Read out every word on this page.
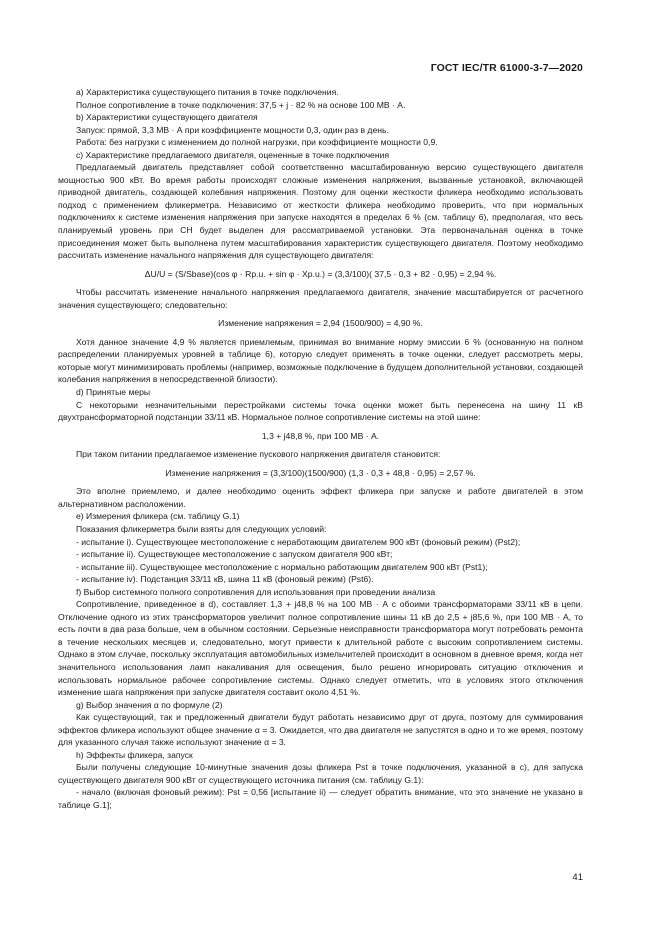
ГОСТ IEC/TR 61000-3-7—2020

а) Характеристика существующего питания в точке подключения.

Полное сопротивление в точке подключения: 37,5 + j · 82 % на основе 100 МВ · А.

b) Характеристики существующего двигателя

Запуск: прямой, 3,3 МВ · А при коэффициенте мощности 0,3, один раз в день.

Работа: без нагрузки с изменением до полной нагрузки, при коэффициенте мощности 0,9.

с) Характеристике предлагаемого двигателя, оцененные в точке подключения

Предлагаемый двигатель представляет собой соответственно масштабированную версию существующего двигателя мощностью 900 кВт. Во время работы происходят сложные изменения напряжения, вызванные установкой, включающей приводной двигатель, создающей колебания напряжения. Поэтому для оценки жесткости фликера необходимо использовать подход с применением фликерметра. Независимо от жесткости фликера необходимо проверить, что при нормальных подключениях к системе изменения напряжения при запуске находятся в пределах 6 % (см. таблицу 6), предполагая, что весь планируемый уровень при СН будет выделен для рассматриваемой установки. Эта первоначальная оценка в точке присоединения может быть выполнена путем масштабирования характеристик существующего двигателя. Поэтому необходимо рассчитать изменение начального напряжения для существующего двигателя:

ΔU/U = (S/Sbase)(cos φ · Rp.u. + sin φ · Xp.u.) = (3,3/100)( 37,5 · 0,3 + 82 · 0,95) = 2,94 %.

Чтобы рассчитать изменение начального напряжения предлагаемого двигателя, значение масштабируется от расчетного значения существующего; следовательно:

Изменение напряжения = 2,94 (1500/900) = 4,90 %.

Хотя данное значение 4,9 % является приемлемым, принимая во внимание норму эмиссии 6 % (основанную на полном распределении планируемых уровней в таблице 6), которую следует применять в точке оценки, следует рассмотреть меры, которые могут минимизировать проблемы (например, возможные подключение в будущем дополнительной установки, создающей колебания напряжения в непосредственной близости).

d) Принятые меры

С некоторыми незначительными перестройками системы точка оценки может быть перенесена на шину 11 кВ двухтрансформаторной подстанции 33/11 кВ. Нормальное полное сопротивление системы на этой шине:

1,3 + j48,8 %, при 100 МВ · А.

При таком питании предлагаемое изменение пускового напряжения двигателя становится:

Изменение напряжения = (3,3/100)(1500/900) (1,3 · 0,3 + 48,8 · 0,95) = 2,57 %.

Это вполне приемлемо, и далее необходимо оценить эффект фликера при запуске и работе двигателей в этом альтернативном расположении.

е) Измерения фликера (см. таблицу G.1)

Показания фликерметра были взяты для следующих условий:

- испытание i). Существующее местоположение с неработающим двигателем 900 кВт (фоновый режим) (Pst2);

- испытание ii). Существующее местоположение с запуском двигателя 900 кВт;

- испытание iii). Существующее местоположение с нормально работающим двигателем 900 кВт (Pst1);

- испытание iv). Подстанция 33/11 кВ, шина 11 кВ (фоновый режим) (Pst6).

f) Выбор системного полного сопротивления для использования при проведении анализа

Сопротивление, приведенное в d), составляет 1,3 + j48,8 % на 100 МВ · А с обоими трансформаторами 33/11 кВ в цепи. Отключение одного из этих трансформаторов увеличит полное сопротивление шины 11 кВ до 2,5 + j85,6 %, при 100 МВ · А, то есть почти в два раза больше, чем в обычном состоянии. Серьезные неисправности трансформатора могут потребовать ремонта в течение нескольких месяцев и, следовательно, могут привести к длительной работе с высоким сопротивлением системы. Однако в этом случае, поскольку эксплуатация автомобильных измельчителей происходит в основном в дневное время, когда нет значительного использования ламп накаливания для освещения, было решено игнорировать ситуацию отключения и использовать нормальное рабочее сопротивление системы. Однако следует отметить, что в условиях этого отключения изменение шага напряжения при запуске двигателя составит около 4,51 %.

g) Выбор значения α по формуле (2)

Как существующий, так и предложенный двигатели будут работать независимо друг от друга, поэтому для суммирования эффектов фликера используют общее значение α = 3. Ожидается, что два двигателя не запустятся в одно и то же время, поэтому для указанного случая также используют значение α = 3.

h) Эффекты фликера, запуск

Были получены следующие 10-минутные значения дозы фликера Pst в точке подключения, указанной в с), для запуска существующего двигателя 900 кВт от существующего источника питания (см. таблицу G.1):

- начало (включая фоновый режим): Pst = 0,56 [испытание ii) — следует обратить внимание, что это значение не указано в таблице G.1];

41
